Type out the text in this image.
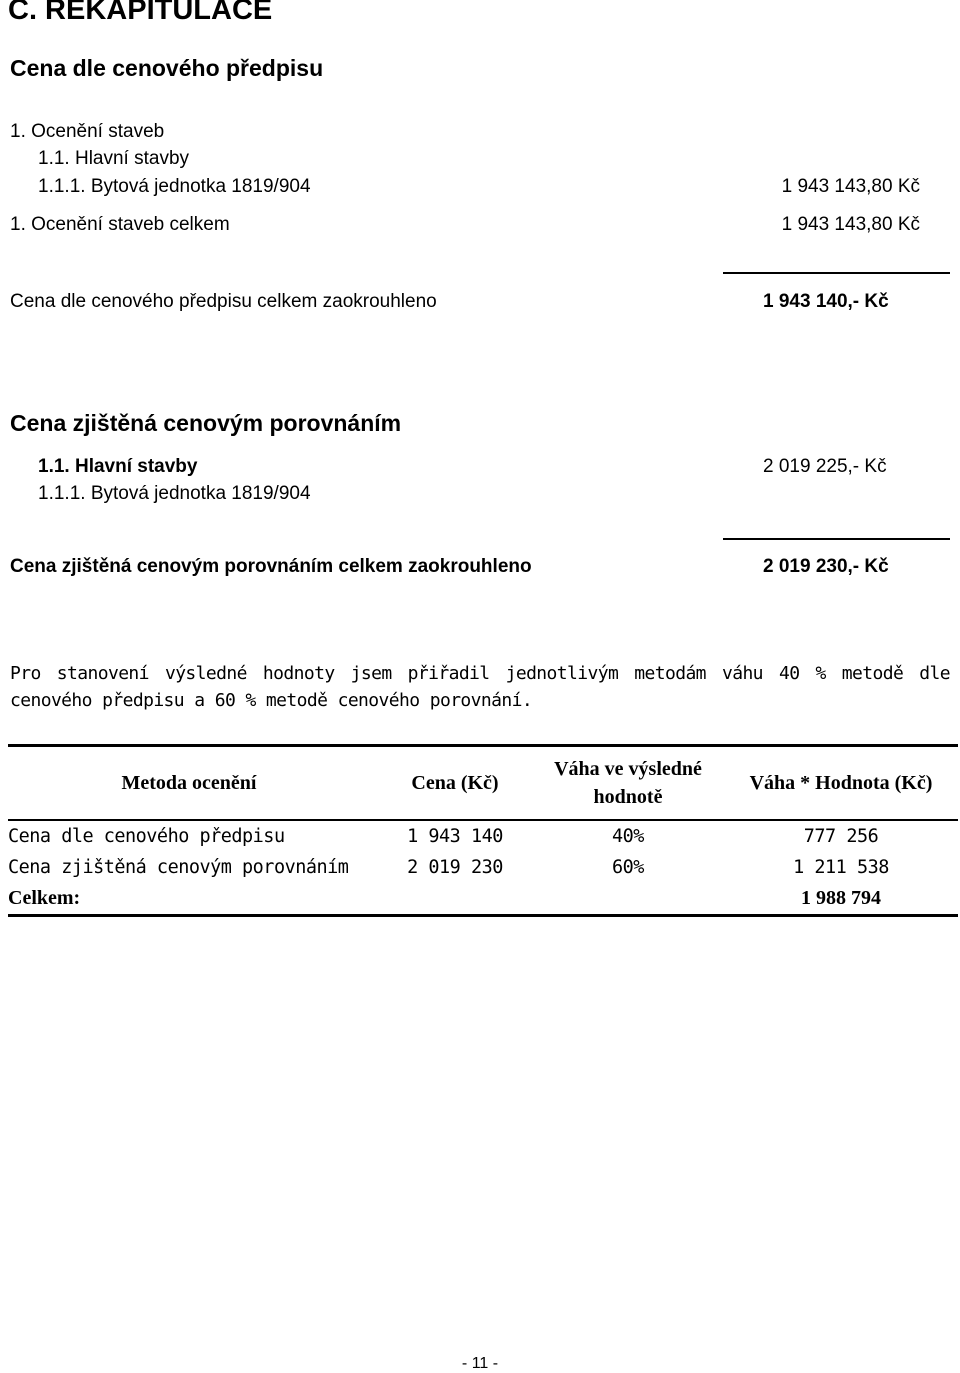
C. REKAPITULACE
Cena dle cenového předpisu
1. Ocenění staveb
1.1. Hlavní stavby
1.1.1. Bytová jednotka 1819/904	1 943 143,80 Kč
1. Ocenění staveb celkem	1 943 143,80 Kč
Cena dle cenového předpisu celkem zaokrouhleno	1 943 140,- Kč
Cena zjištěná cenovým porovnáním
1.1. Hlavní stavby	2 019 225,- Kč
1.1.1. Bytová jednotka 1819/904
Cena zjištěná cenovým porovnáním celkem zaokrouhleno	2 019 230,- Kč
Pro stanovení výsledné hodnoty jsem přiřadil jednotlivým metodám váhu 40 % metodě dle cenového předpisu a 60 % metodě cenového porovnání.
Metoda ocenění	Cena (Kč)	Váha ve výsledné hodnotě	Váha * Hodnota (Kč)
Cena dle cenového předpisu	1 943 140	40%	777 256
Cena zjištěná cenovým porovnáním	2 019 230	60%	1 211 538
Celkem:			1 988 794
- 11 -
